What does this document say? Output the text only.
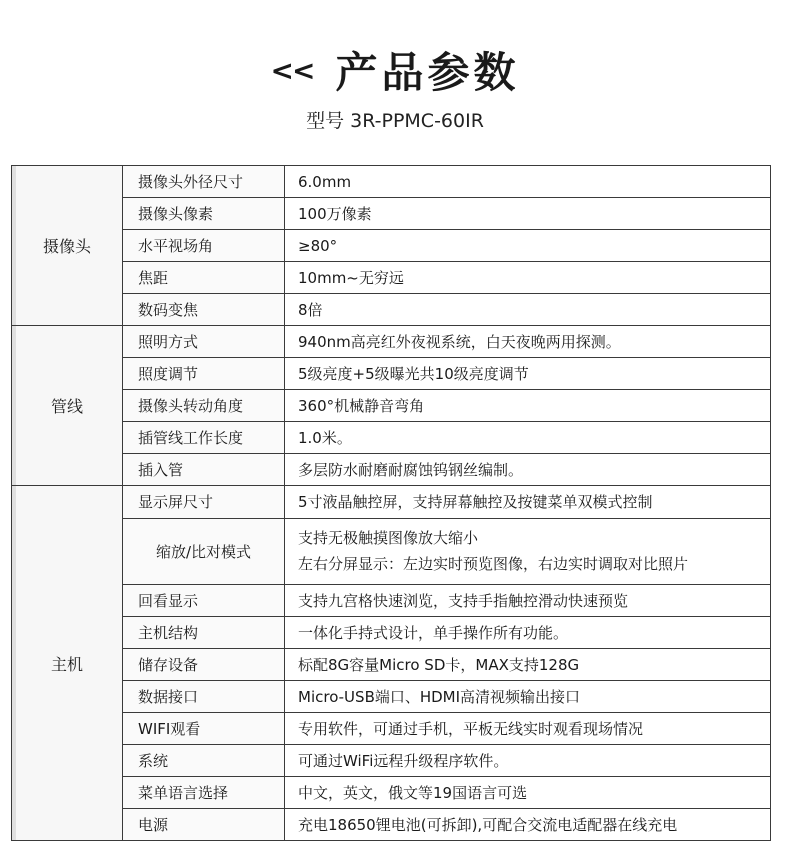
<< 产品参数
型号 3R-PPMC-60IR
摄像头	摄像头外径尺寸	6.0mm
	摄像头像素	100万像素
	水平视场角	≥80°
	焦距	10mm~无穷远
	数码变焦	8倍
管线	照明方式	940nm高亮红外夜视系统，白天夜晚两用探测。
	照度调节	5级亮度+5级曝光共10级亮度调节
	摄像头转动角度	360°机械静音弯角
	插管线工作长度	1.0米。
	插入管	多层防水耐磨耐腐蚀钨钢丝编制。
主机	显示屏尺寸	5寸液晶触控屏，支持屏幕触控及按键菜单双模式控制
	缩放/比对模式	支持无极触摸图像放大缩小
左右分屏显示：左边实时预览图像，右边实时调取对比照片

	回看显示	支持九宫格快速浏览，支持手指触控滑动快速预览
	主机结构	一体化手持式设计，单手操作所有功能。
	储存设备	标配8G容量Micro SD卡，MAX支持128G
	数据接口	Micro-USB端口、HDMI高清视频输出接口
	WIFI观看	专用软件，可通过手机，平板无线实时观看现场情况
	系统	可通过WiFi远程升级程序软件。
	菜单语言选择	中文，英文，俄文等19国语言可选
	电源	充电18650锂电池(可拆卸),可配合交流电适配器在线充电
